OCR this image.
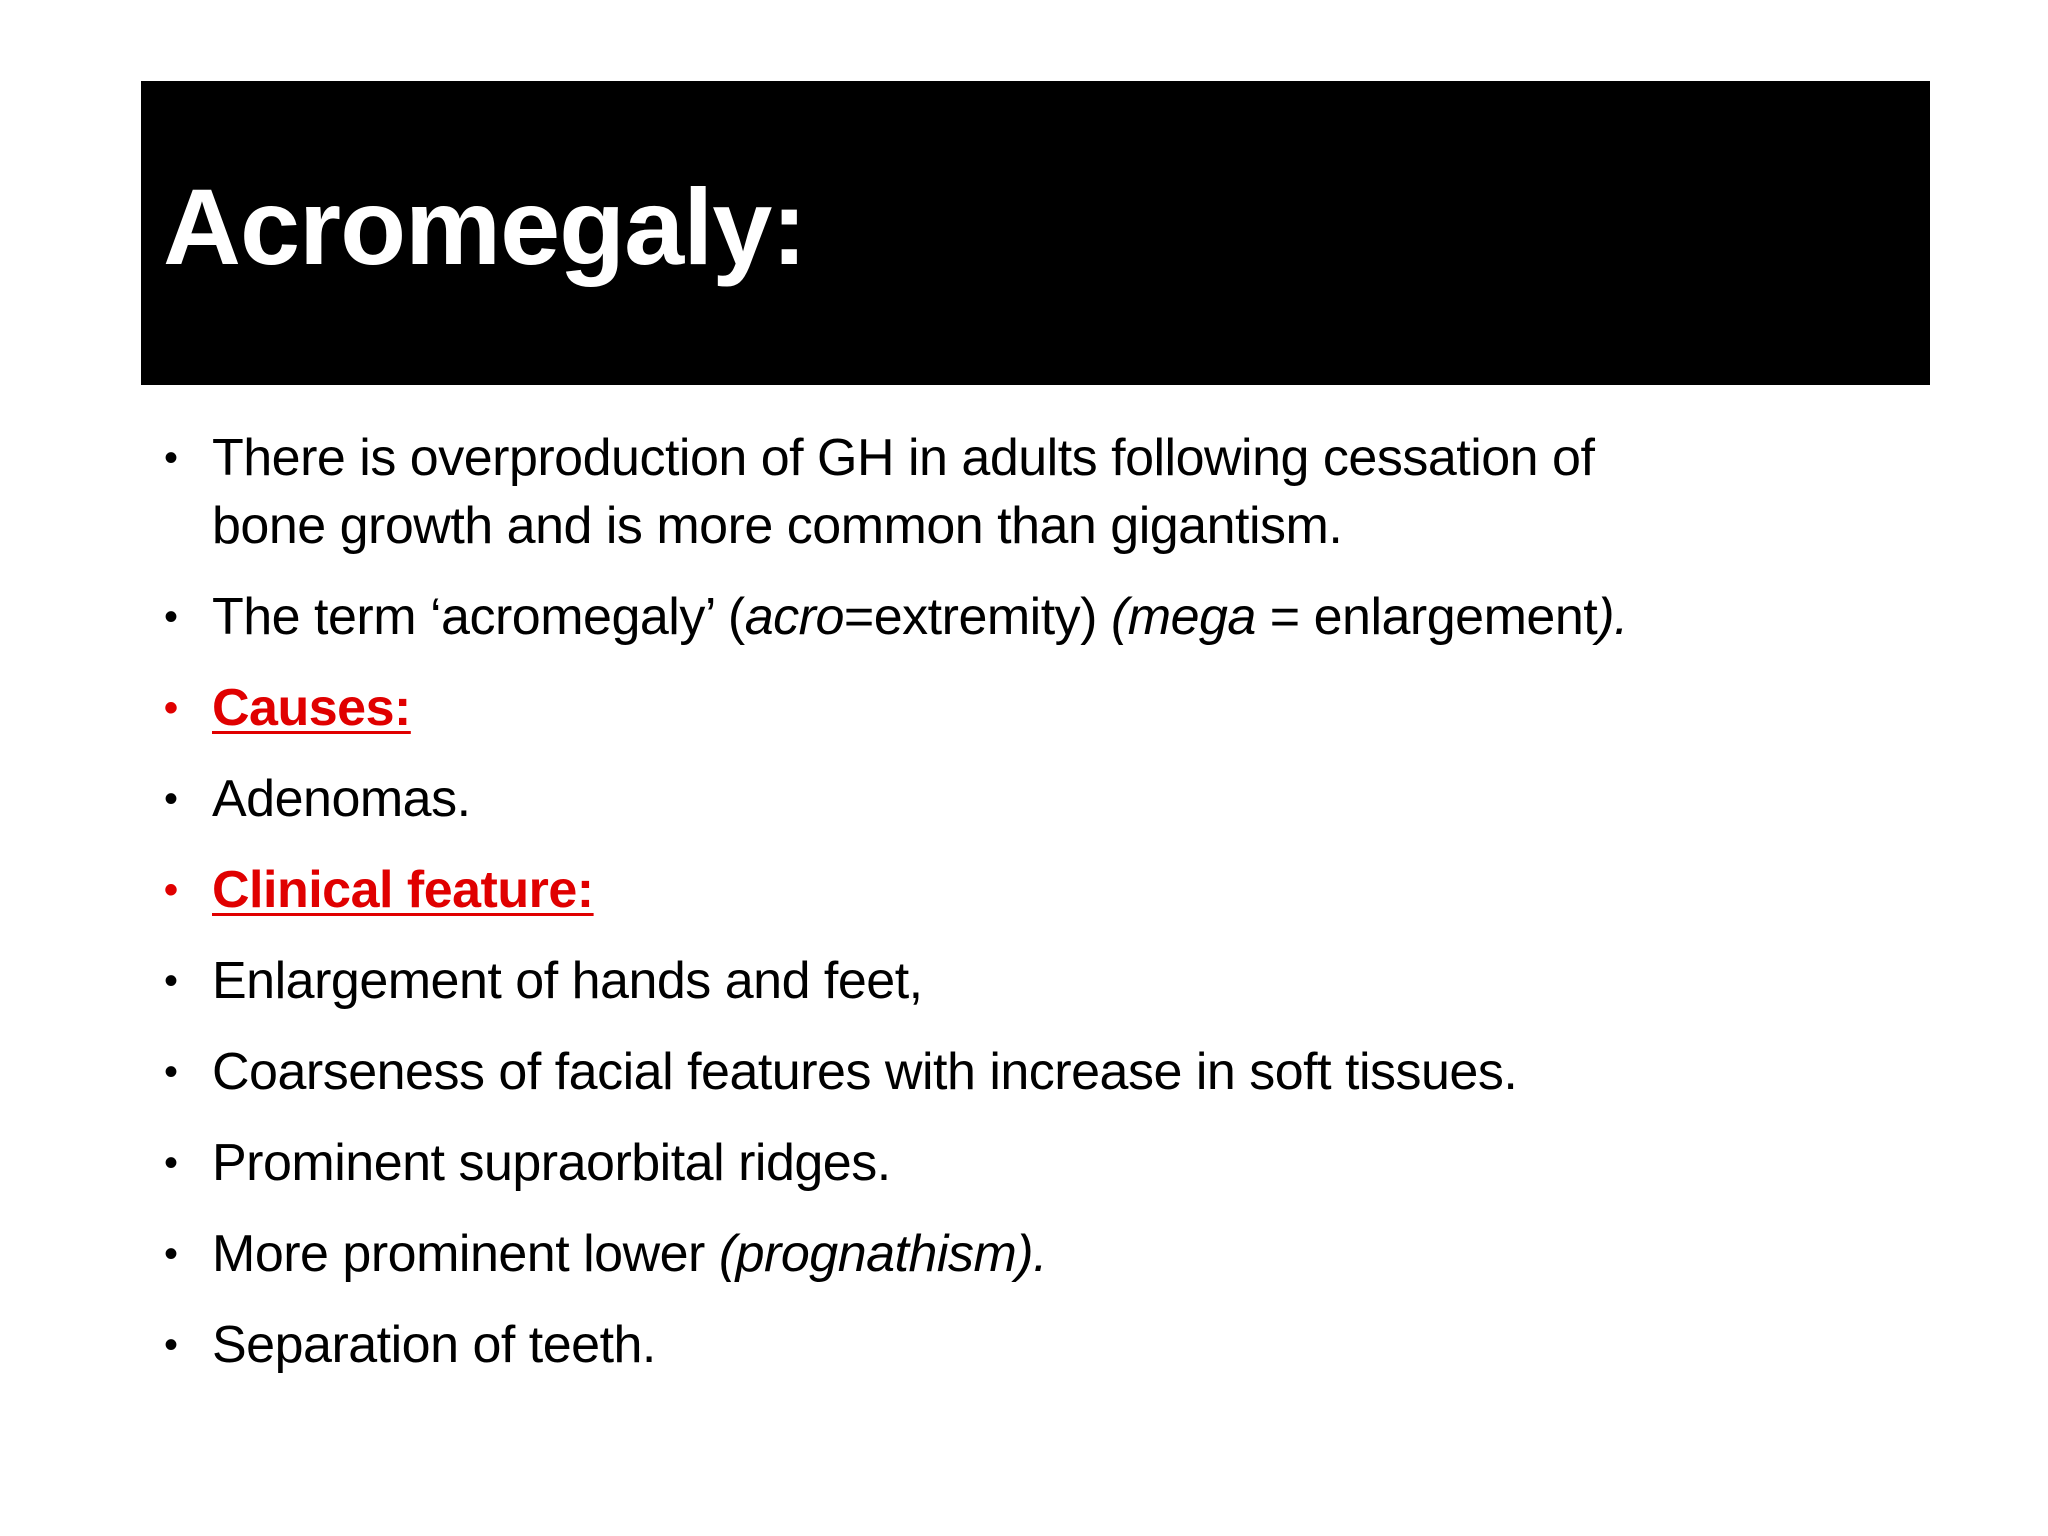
Acromegaly:
• There is overproduction of GH in adults following cessation of
bone growth and is more common than gigantism.
• The term ‘acromegaly’ (acro=extremity) (mega = enlargement).
• Causes:
• Adenomas.
• Clinical feature:
• Enlargement of hands and feet,
• Coarseness of facial features with increase in soft tissues.
• Prominent supraorbital ridges.
• More prominent lower (prognathism).
• Separation of teeth.
